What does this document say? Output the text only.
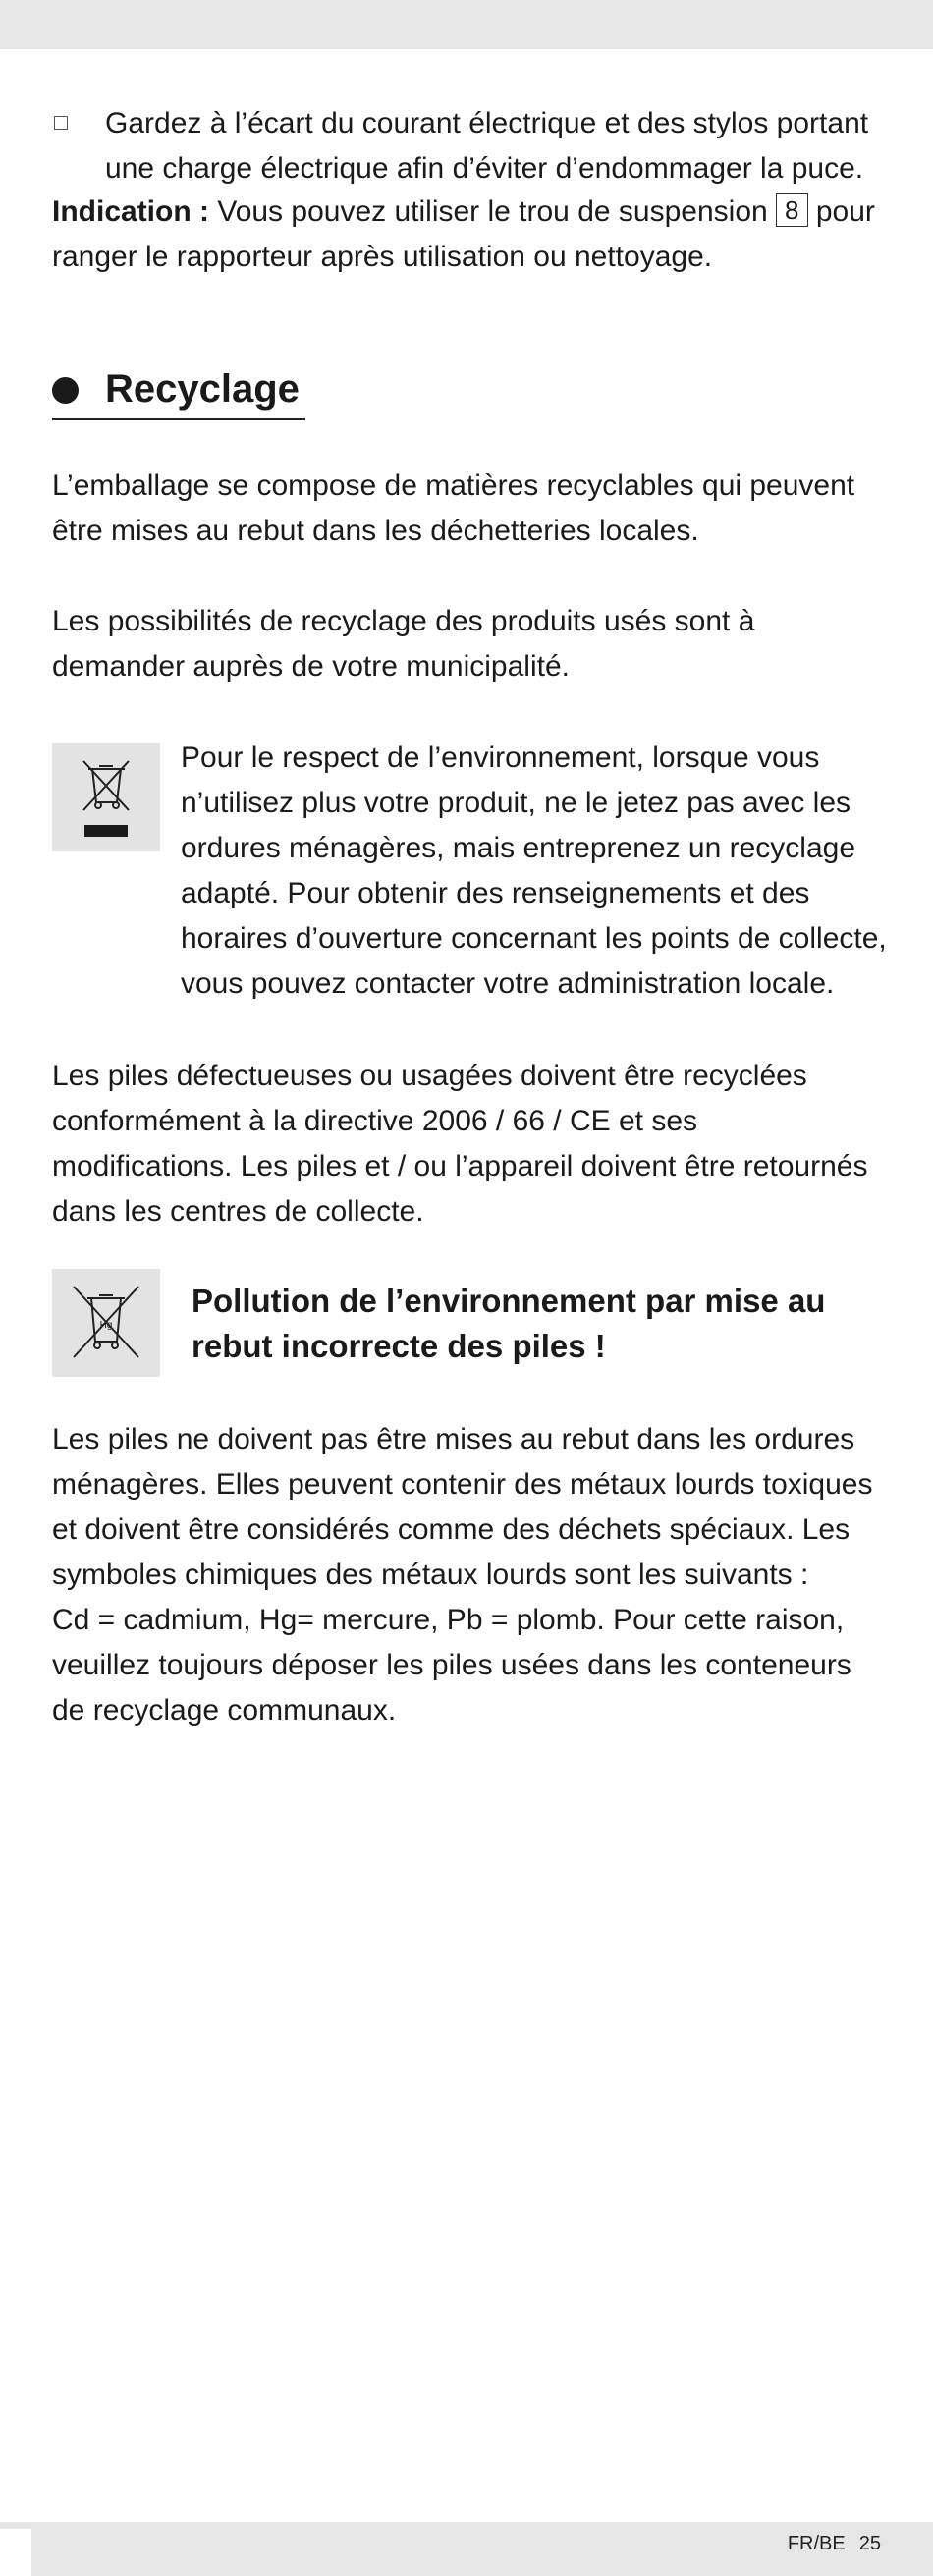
Gardez à l’écart du courant électrique et des stylos portant une charge électrique afin d’éviter d’endommager la puce.

Indication : Vous pouvez utiliser le trou de suspension 8 pour ranger le rapporteur après utilisation ou nettoyage.

Recyclage

L’emballage se compose de matières recyclables qui peuvent être mises au rebut dans les déchetteries locales.

Les possibilités de recyclage des produits usés sont à demander auprès de votre municipalité.

Pour le respect de l’environnement, lorsque vous n’utilisez plus votre produit, ne le jetez pas avec les ordures ménagères, mais entreprenez un recyclage adapté. Pour obtenir des renseignements et des horaires d’ouverture concernant les points de collecte, vous pouvez contacter votre administration locale.

Les piles défectueuses ou usagées doivent être recyclées conformément à la directive 2006 / 66 / CE et ses modifications. Les piles et / ou l’appareil doivent être retournés dans les centres de collecte.

Hg

Pollution de l’environnement par mise au rebut incorrecte des piles !

Les piles ne doivent pas être mises au rebut dans les ordures ménagères. Elles peuvent contenir des métaux lourds toxiques et doivent être considérés comme des déchets spéciaux. Les symboles chimiques des métaux lourds sont les suivants :

Cd = cadmium, Hg= mercure, Pb = plomb. Pour cette raison, veuillez toujours déposer les piles usées dans les conteneurs de recyclage communaux.

FR/BE 25
